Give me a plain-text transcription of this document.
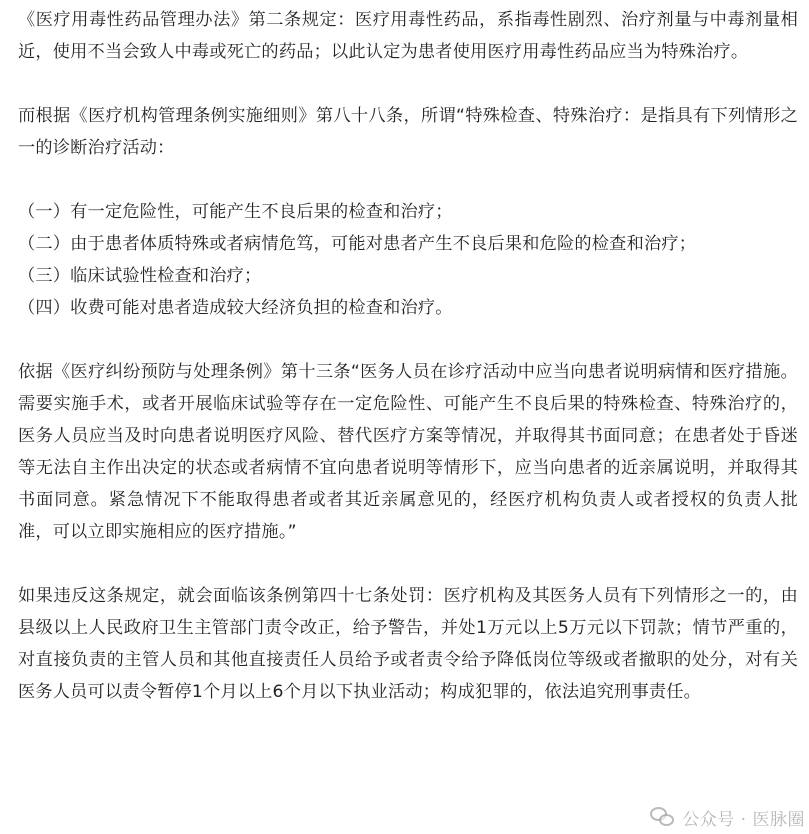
《医疗用毒性药品管理办法》第二条规定：医疗用毒性药品，系指毒性剧烈、治疗剂量与中毒剂量相近，使用不当会致人中毒或死亡的药品；以此认定为患者使用医疗用毒性药品应当为特殊治疗。

而根据《医疗机构管理条例实施细则》第八十八条，所谓“特殊检查、特殊治疗：是指具有下列情形之一的诊断治疗活动：

（一）有一定危险性，可能产生不良后果的检查和治疗；
（二）由于患者体质特殊或者病情危笃，可能对患者产生不良后果和危险的检查和治疗；
（三）临床试验性检查和治疗；
（四）收费可能对患者造成较大经济负担的检查和治疗。

依据《医疗纠纷预防与处理条例》第十三条“医务人员在诊疗活动中应当向患者说明病情和医疗措施。需要实施手术，或者开展临床试验等存在一定危险性、可能产生不良后果的特殊检查、特殊治疗的，医务人员应当及时向患者说明医疗风险、替代医疗方案等情况，并取得其书面同意；在患者处于昏迷等无法自主作出决定的状态或者病情不宜向患者说明等情形下，应当向患者的近亲属说明，并取得其书面同意。紧急情况下不能取得患者或者其近亲属意见的，经医疗机构负责人或者授权的负责人批准，可以立即实施相应的医疗措施。”

如果违反这条规定，就会面临该条例第四十七条处罚：医疗机构及其医务人员有下列情形之一的，由县级以上人民政府卫生主管部门责令改正，给予警告，并处1万元以上5万元以下罚款；情节严重的，对直接负责的主管人员和其他直接责任人员给予或者责令给予降低岗位等级或者撤职的处分，对有关医务人员可以责令暂停1个月以上6个月以下执业活动；构成犯罪的，依法追究刑事责任。

公众号 · 医脉圈
